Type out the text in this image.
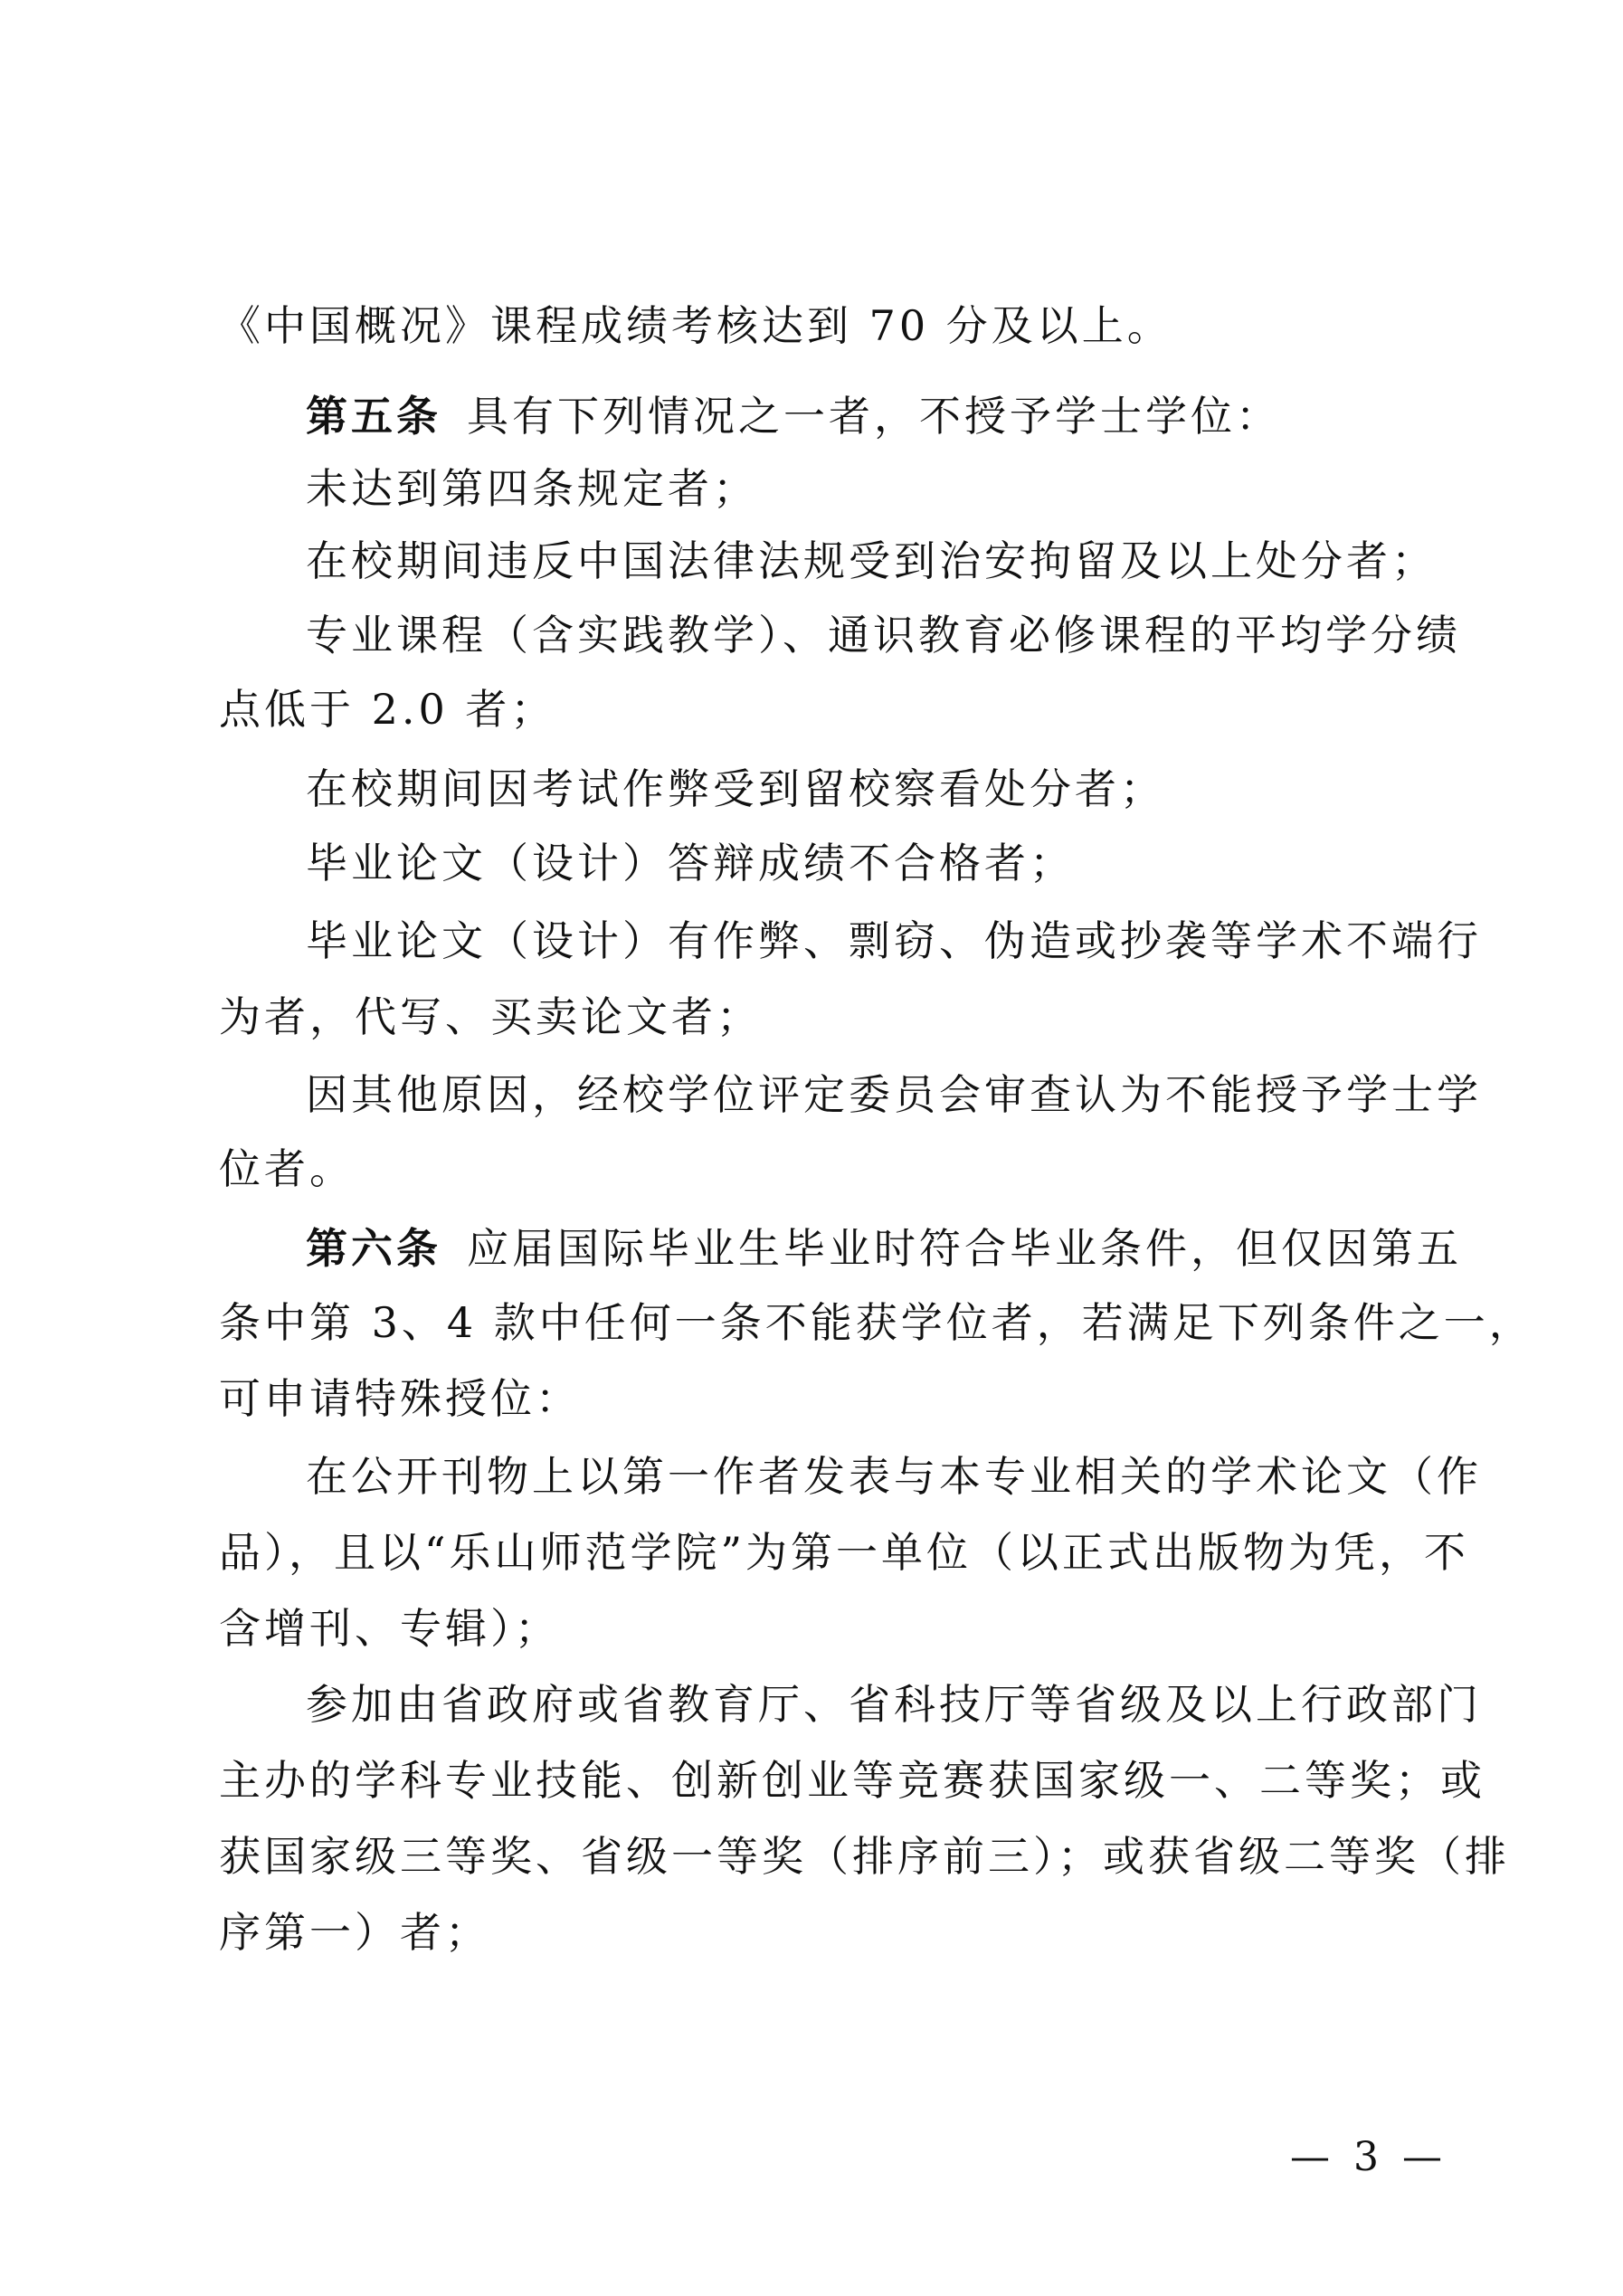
《中国概况》课程成绩考核达到 70 分及以上。
第五条 具有下列情况之一者，不授予学士学位：
未达到第四条规定者；
在校期间违反中国法律法规受到治安拘留及以上处分者；
专业课程（含实践教学）、通识教育必修课程的平均学分绩
点低于 2.0 者；
在校期间因考试作弊受到留校察看处分者；
毕业论文（设计）答辩成绩不合格者；
毕业论文（设计）有作弊、剽窃、伪造或抄袭等学术不端行
为者，代写、买卖论文者；
因其他原因，经校学位评定委员会审查认为不能授予学士学
位者。
第六条 应届国际毕业生毕业时符合毕业条件，但仅因第五
条中第 3、4 款中任何一条不能获学位者，若满足下列条件之一，
可申请特殊授位：
在公开刊物上以第一作者发表与本专业相关的学术论文（作
品），且以“乐山师范学院”为第一单位（以正式出版物为凭，不
含增刊、专辑）；
参加由省政府或省教育厅、省科技厅等省级及以上行政部门
主办的学科专业技能、创新创业等竞赛获国家级一、二等奖；或
获国家级三等奖、省级一等奖（排序前三）；或获省级二等奖（排
序第一）者；
— 3 —
